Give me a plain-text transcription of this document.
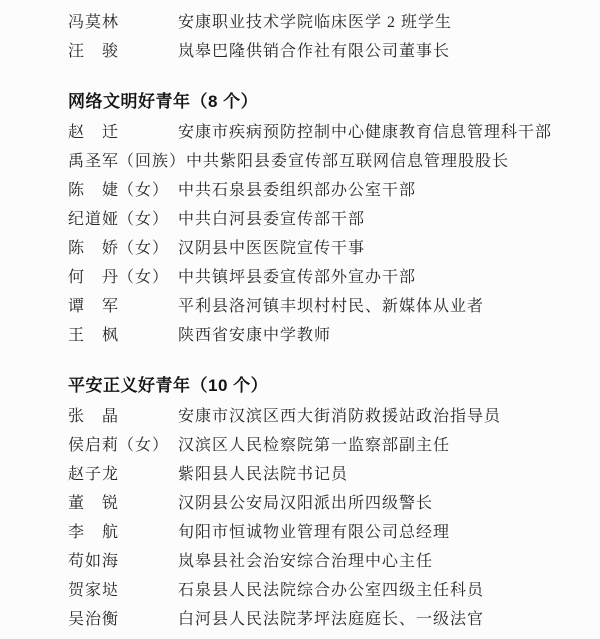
冯莫林	安康职业技术学院临床医学 2 班学生
汪骏	岚皋巴隆供销合作社有限公司董事长
网络文明好青年（8 个）
赵迁	安康市疾病预防控制中心健康教育信息管理科干部
禹圣军（回族） 中共紫阳县委宣传部互联网信息管理股股长
陈婕（女） 中共石泉县委组织部办公室干部
纪道娅（女） 中共白河县委宣传部干部
陈娇（女） 汉阴县中医医院宣传干事
何丹（女） 中共镇坪县委宣传部外宣办干部
谭军	平利县洛河镇丰坝村村民、新媒体从业者
王枫	陕西省安康中学教师
平安正义好青年（10 个）
张晶	安康市汉滨区西大街消防救援站政治指导员
侯启莉（女） 汉滨区人民检察院第一监察部副主任
赵子龙	紫阳县人民法院书记员
董锐	汉阴县公安局汉阳派出所四级警长
李航	旬阳市恒诚物业管理有限公司总经理
苟如海	岚皋县社会治安综合治理中心主任
贺家垯	石泉县人民法院综合办公室四级主任科员
吴治衡	白河县人民法院茅坪法庭庭长、一级法官
